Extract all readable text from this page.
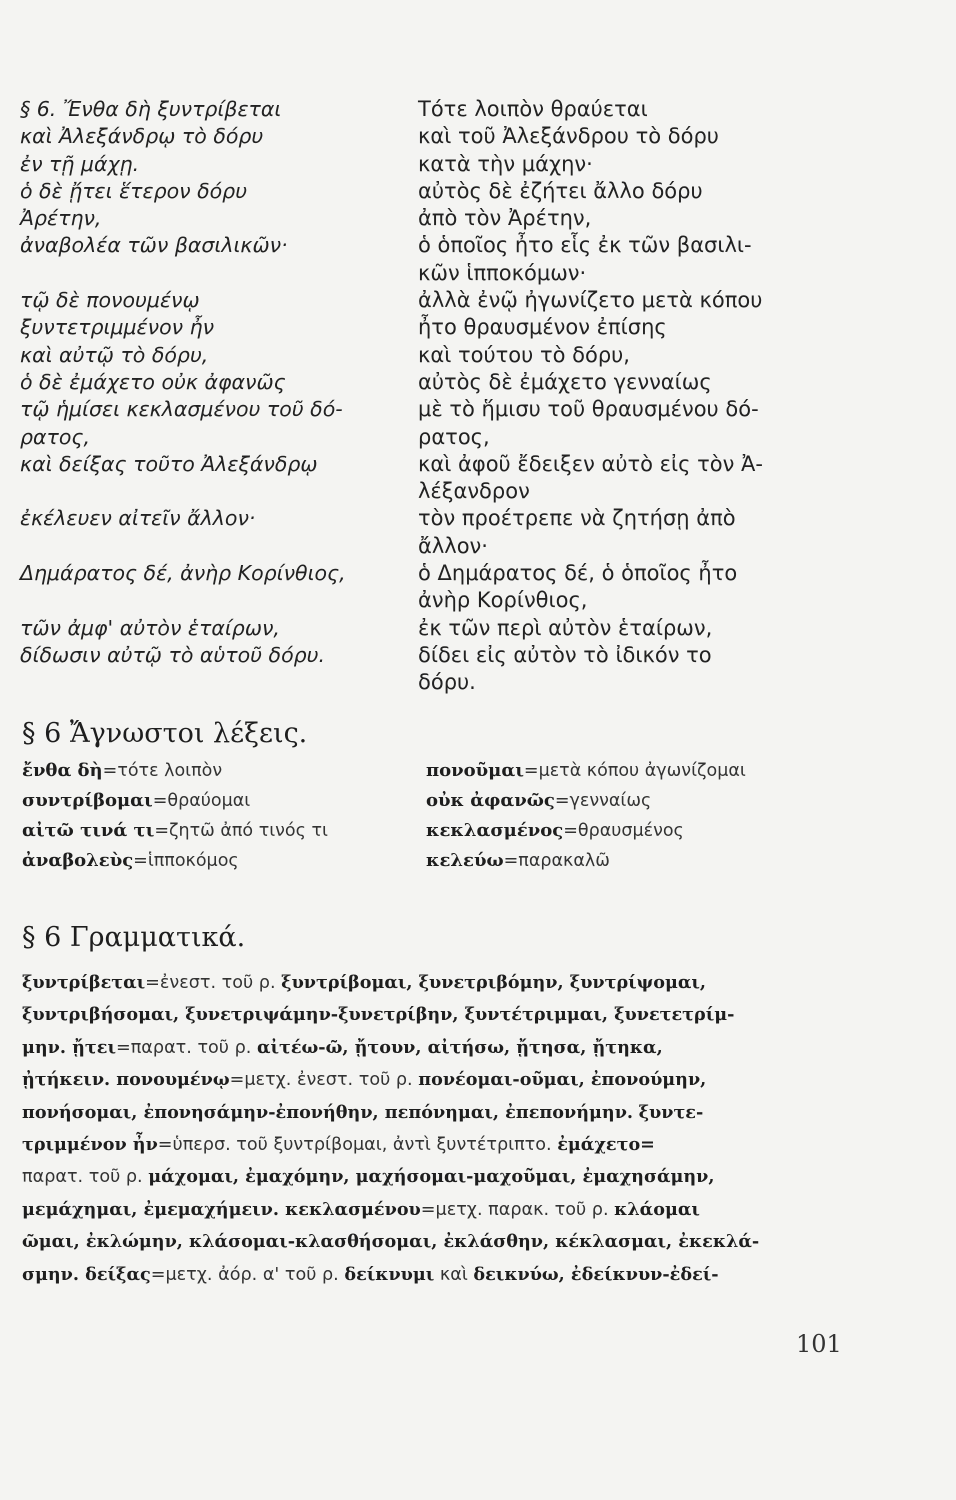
§ 6. Ἔνθα δὴ ξυντρίβεται
καὶ Ἀλεξάνδρῳ τὸ δόρυ
ἐν τῇ μάχῃ.
ὁ δὲ ᾔτει ἕτερον δόρυ
Ἀρέτην,
ἀναβολέα τῶν βασιλικῶν·
τῷ δὲ πονουμένῳ
ξυντετριμμένον ἦν
καὶ αὐτῷ τὸ δόρυ,
ὁ δὲ ἐμάχετο οὐκ ἀφανῶς
τῷ ἡμίσει κεκλασμένου τοῦ δό-
ρατος,
καὶ δείξας τοῦτο Ἀλεξάνδρῳ
ἐκέλευεν αἰτεῖν ἄλλον·
Δημάρατος δέ, ἀνὴρ Κορίνθιος,
τῶν ἀμφ' αὐτὸν ἑταίρων,
δίδωσιν αὐτῷ τὸ αὑτοῦ δόρυ.
Τότε λοιπὸν θραύεται
καὶ τοῦ Ἀλεξάνδρου τὸ δόρυ
κατὰ τὴν μάχην·
αὐτὸς δὲ ἐζήτει ἄλλο δόρυ
ἀπὸ τὸν Ἀρέτην,
ὁ ὁποῖος ἦτο εἷς ἐκ τῶν βασιλι-
κῶν ἱπποκόμων·
ἀλλὰ ἐνῷ ἠγωνίζετο μετὰ κόπου
ἦτο θραυσμένον ἐπίσης
καὶ τούτου τὸ δόρυ,
αὐτὸς δὲ ἐμάχετο γενναίως
μὲ τὸ ἥμισυ τοῦ θραυσμένου δό-
ρατος,
καὶ ἀφοῦ ἔδειξεν αὐτὸ εἰς τὸν Ἀ-
λέξανδρον
τὸν προέτρεπε νὰ ζητήσῃ ἀπὸ
ἄλλον·
ὁ Δημάρατος δέ, ὁ ὁποῖος ἦτο
ἀνὴρ Κορίνθιος,
ἐκ τῶν περὶ αὐτὸν ἑταίρων,
δίδει εἰς αὐτὸν τὸ ἰδικόν το
δόρυ.
§ 6 Ἄγνωστοι λέξεις.
ἔνθα δὴ=τότε λοιπὸν
συντρίβομαι=θραύομαι
αἰτῶ τινά τι=ζητῶ ἀπό τινός τι
ἀναβολεὺς=ἱπποκόμος
πονοῦμαι=μετὰ κόπου ἀγωνίζομαι
οὐκ ἀφανῶς=γενναίως
κεκλασμένος=θραυσμένος
κελεύω=παρακαλῶ
§ 6 Γραμματικά.
ξυντρίβεται=ἐνεστ. τοῦ ρ. ξυντρίβομαι, ξυνετριβόμην, ξυντρίψομαι,
ξυντριβήσομαι, ξυνετριψάμην-ξυνετρίβην, ξυντέτριμμαι, ξυνετετρίμ-
μην. ᾔτει=παρατ. τοῦ ρ. αἰτέω-ῶ, ᾔτουν, αἰτήσω, ᾔτησα, ᾔτηκα,
ᾐτήκειν. πονουμένῳ=μετχ. ἐνεστ. τοῦ ρ. πονέομαι-οῦμαι, ἐπονούμην,
πονήσομαι, ἐπονησάμην-ἐπονήθην, πεπόνημαι, ἐπεπονήμην. ξυντε-
τριμμένον ἦν=ὑπερσ. τοῦ ξυντρίβομαι, ἀντὶ ξυντέτριπτο. ἐμάχετο=
παρατ. τοῦ ρ. μάχομαι, ἐμαχόμην, μαχήσομαι-μαχοῦμαι, ἐμαχησάμην,
μεμάχημαι, ἐμεμαχήμειν. κεκλασμένου=μετχ. παρακ. τοῦ ρ. κλάομαι
ῶμαι, ἐκλώμην, κλάσομαι-κλασθήσομαι, ἐκλάσθην, κέκλασμαι, ἐκεκλά-
σμην. δείξας=μετχ. ἀόρ. α' τοῦ ρ. δείκνυμι καὶ δεικνύω, ἐδείκνυν-ἐδεί-
101
